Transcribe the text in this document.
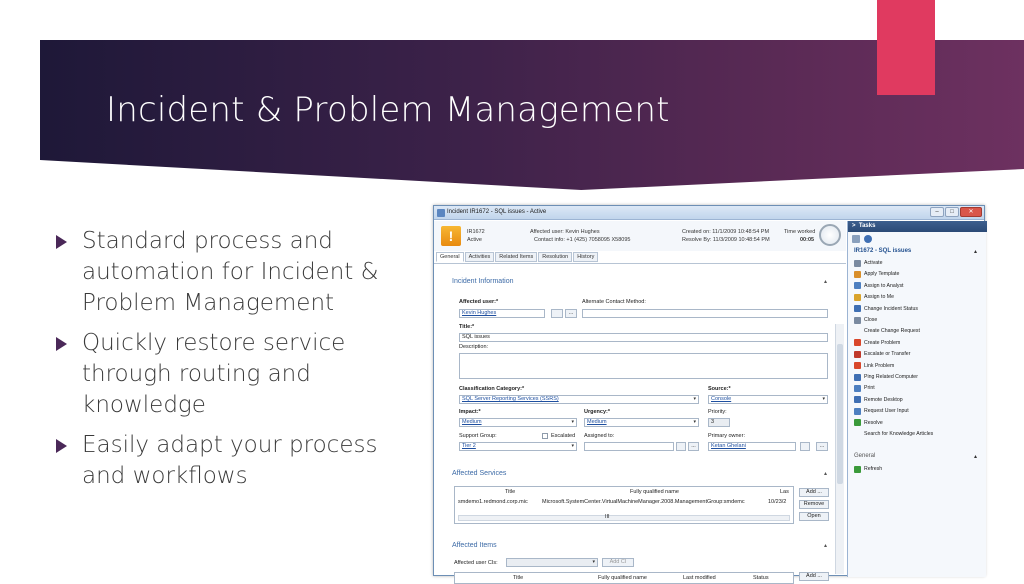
Incident & Problem Management
Standard process and automation for Incident & Problem Management
Quickly restore service through routing and knowledge
Easily adapt your process and workflows
Incident IR1672 - SQL issues - Active	–	□	✕
!	IR1672
Active
Affected user: Kevin Hughes
Contact info: +1 (425) 7058095 X58095
Created on: 11/1/2009 10:48:54 PM
Resolve By: 11/3/2009 10:48:54 PM
Time worked
00:05
General	Activities	Related Items	Resolution	History
Incident Information	▴
Affected user:*
Kevin Hughes	...
Alternate Contact Method:
Title:*
SQL issues
Description:
Classification Category:*
SQL Server Reporting Services (SSRS) ▾
Source:*
Console ▾
Impact:*
Medium ▾
Urgency:*
Medium ▾
Priority:
3
Support Group:
Tier 2 ▾
Escalated Assigned to:
...
Primary owner:
Ketan Ghelani	...
Affected Services	▴
Title	Fully qualified name	Las
smdemo1.redmond.corp.mic	Microsoft.SystemCenter.VirtualMachineManager.2008.ManagementGroup:smdemc	10/23/2
III
Add ...
Remove
Open
Affected Items	▴
Affected user CIs: ▾	Add CI
Title	Fully qualified name	Last modified	Status	Add ...
>  Tasks
IR1672 - SQL issues	▴
Activate
Apply Template
Assign to Analyst
Assign to Me
Change Incident Status
Close
Create Change Request
Create Problem
Escalate or Transfer
Link Problem
Ping Related Computer
Print
Remote Desktop
Request User Input
Resolve
Search for Knowledge Articles
General	▴
Refresh
